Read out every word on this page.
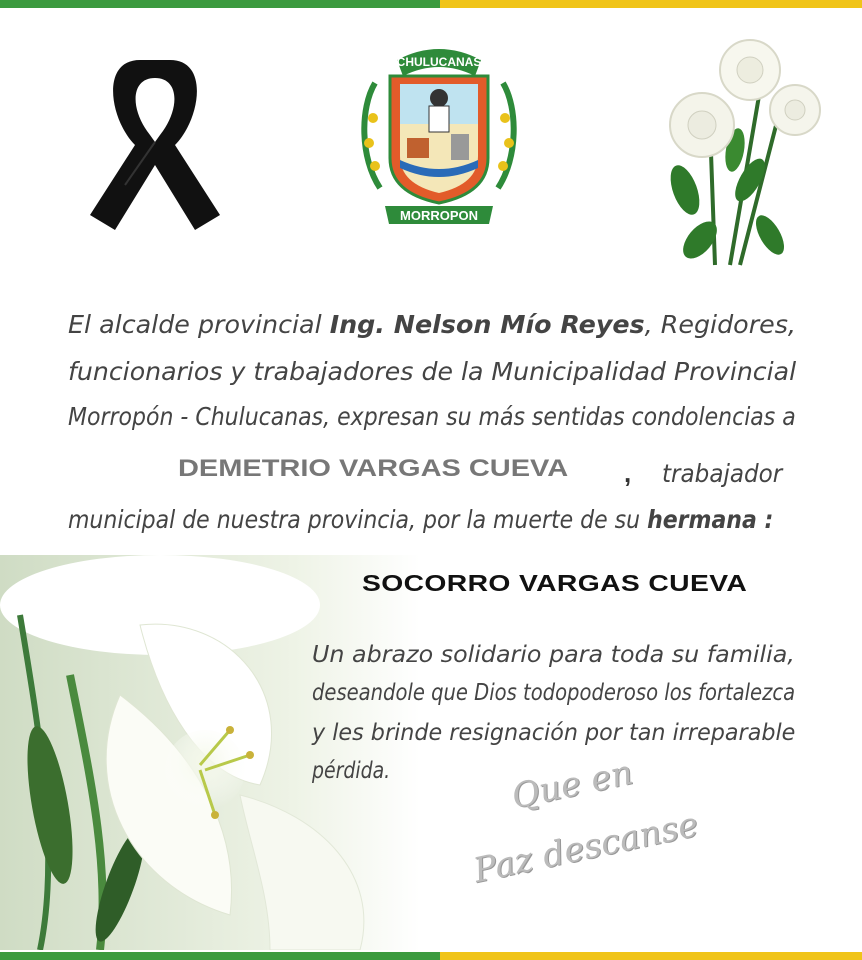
CHULUCANAS
MORROPON
El alcalde provincial Ing. Nelson Mío Reyes, Regidores,
funcionarios y trabajadores de la Municipalidad Provincial
Morropón - Chulucanas, expresan su más sentidas condolencias a
DEMETRIO VARGAS CUEVA , trabajador
municipal de nuestra provincia, por la muerte de su hermana :
SOCORRO VARGAS CUEVA
Un abrazo solidario para toda su familia,
deseandole que Dios todopoderoso los fortalezca
y les brinde resignación por tan irreparable
pérdida.	Que en
Paz descanse
